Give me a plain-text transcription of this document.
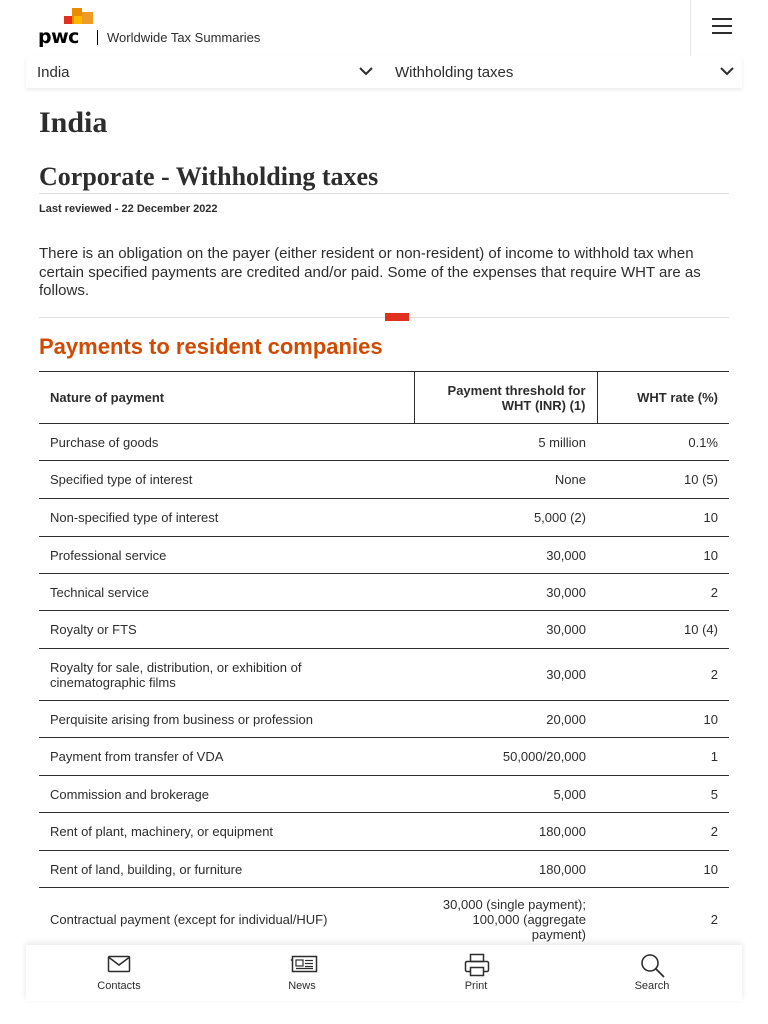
pwc Worldwide Tax Summaries
India	Withholding taxes
India
Corporate - Withholding taxes
Last reviewed - 22 December 2022

There is an obligation on the payer (either resident or non-resident) of income to withhold tax when certain specified payments are credited and/or paid. Some of the expenses that require WHT are as follows.

Payments to resident companies
Nature of payment	Payment threshold for WHT (INR) (1)	WHT rate (%)
Purchase of goods	5 million	0.1%
Specified type of interest	None	10 (5)
Non-specified type of interest	5,000 (2)	10
Professional service	30,000	10
Technical service	30,000	2
Royalty or FTS	30,000	10 (4)
Royalty for sale, distribution, or exhibition of cinematographic films	30,000	2
Perquisite arising from business or profession	20,000	10
Payment from transfer of VDA	50,000/20,000	1
Commission and brokerage	5,000	5
Rent of plant, machinery, or equipment	180,000	2
Rent of land, building, or furniture	180,000	10
Contractual payment (except for individual/HUF)	30,000 (single payment); 100,000 (aggregate payment)	2
Contacts	News	Print	Search
